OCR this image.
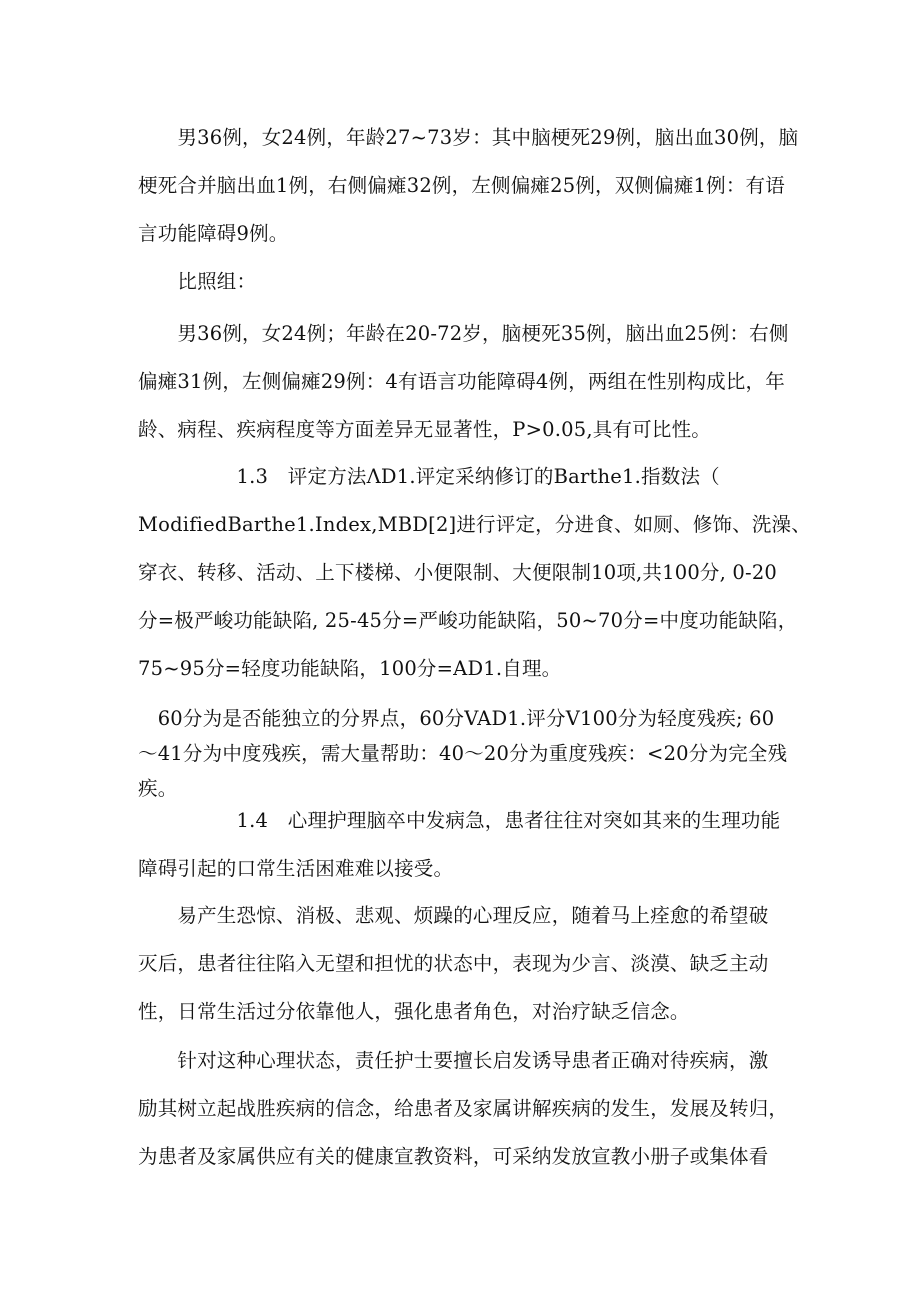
　　男36例，女24例，年龄27~73岁：其中脑梗死29例，脑出血30例，脑
梗死合并脑出血1例，右侧偏瘫32例，左侧偏瘫25例，双侧偏瘫1例：有语
言功能障碍9例。

　　比照组：

　　男36例，女24例；年龄在20-72岁，脑梗死35例，脑出血25例：右侧
偏瘫31例，左侧偏瘫29例：4有语言功能障碍4例，两组在性别构成比，年
龄、病程、疾病程度等方面差异无显著性，P>0.05,具有可比性。

　　　　　1.3　评定方法ΛD1.评定采纳修订的Barthe1.指数法（
ModifiedBarthe1.Index,MBD[2]进行评定，分进食、如厕、修饰、洗澡、
穿衣、转移、活动、上下楼梯、小便限制、大便限制10项,共100分, 0-20
分=极严峻功能缺陷, 25-45分=严峻功能缺陷，50~70分=中度功能缺陷，
75~95分=轻度功能缺陷，100分=AD1.自理。

　60分为是否能独立的分界点，60分VAD1.评分V100分为轻度残疾; 60
～41分为中度残疾，需大量帮助：40～20分为重度残疾：<20分为完全残
疾。

　　　　　1.4　心理护理脑卒中发病急，患者往往对突如其来的生理功能
障碍引起的口常生活困难难以接受。

　　易产生恐惊、消极、悲观、烦躁的心理反应，随着马上痊愈的希望破
灭后，患者往往陷入无望和担忧的状态中，表现为少言、淡漠、缺乏主动
性，日常生活过分依靠他人，强化患者角色，对治疗缺乏信念。

　　针对这种心理状态，责任护士要擅长启发诱导患者正确对待疾病，激
励其树立起战胜疾病的信念，给患者及家属讲解疾病的发生，发展及转归，
为患者及家属供应有关的健康宣教资料，可采纳发放宣教小册子或集体看
